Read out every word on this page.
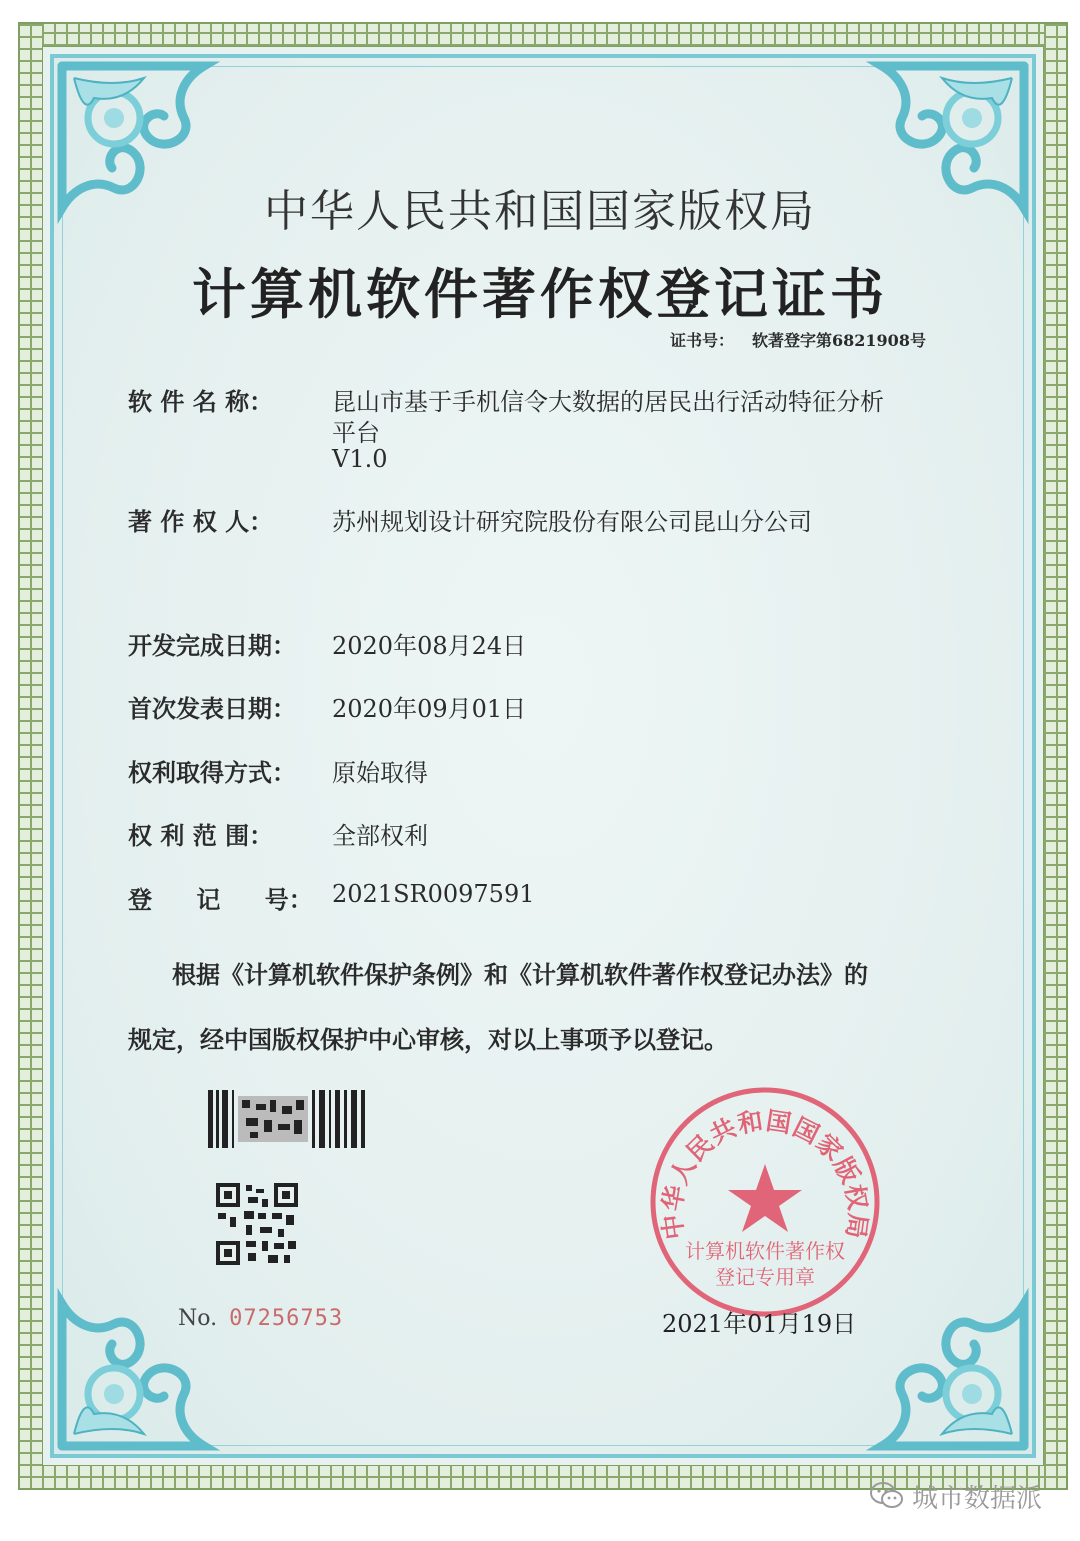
中华人民共和国国家版权局
计算机软件著作权登记证书
证书号： 软著登字第6821908号
软 件 名 称： 昆山市基于手机信令大数据的居民出行活动特征分析
平台
V1.0
著 作 权 人： 苏州规划设计研究院股份有限公司昆山分公司
开发完成日期： 2020年08月24日
首次发表日期： 2020年09月01日
权利取得方式： 原始取得
权 利 范 围： 全部权利
登 记 号： 2021SR0097591
根据《计算机软件保护条例》和《计算机软件著作权登记办法》的
规定，经中国版权保护中心审核，对以上事项予以登记。
No. 07256753
中华人民共和国国家版权局
计算机软件著作权
登记专用章
2021年01月19日
城市数据派
